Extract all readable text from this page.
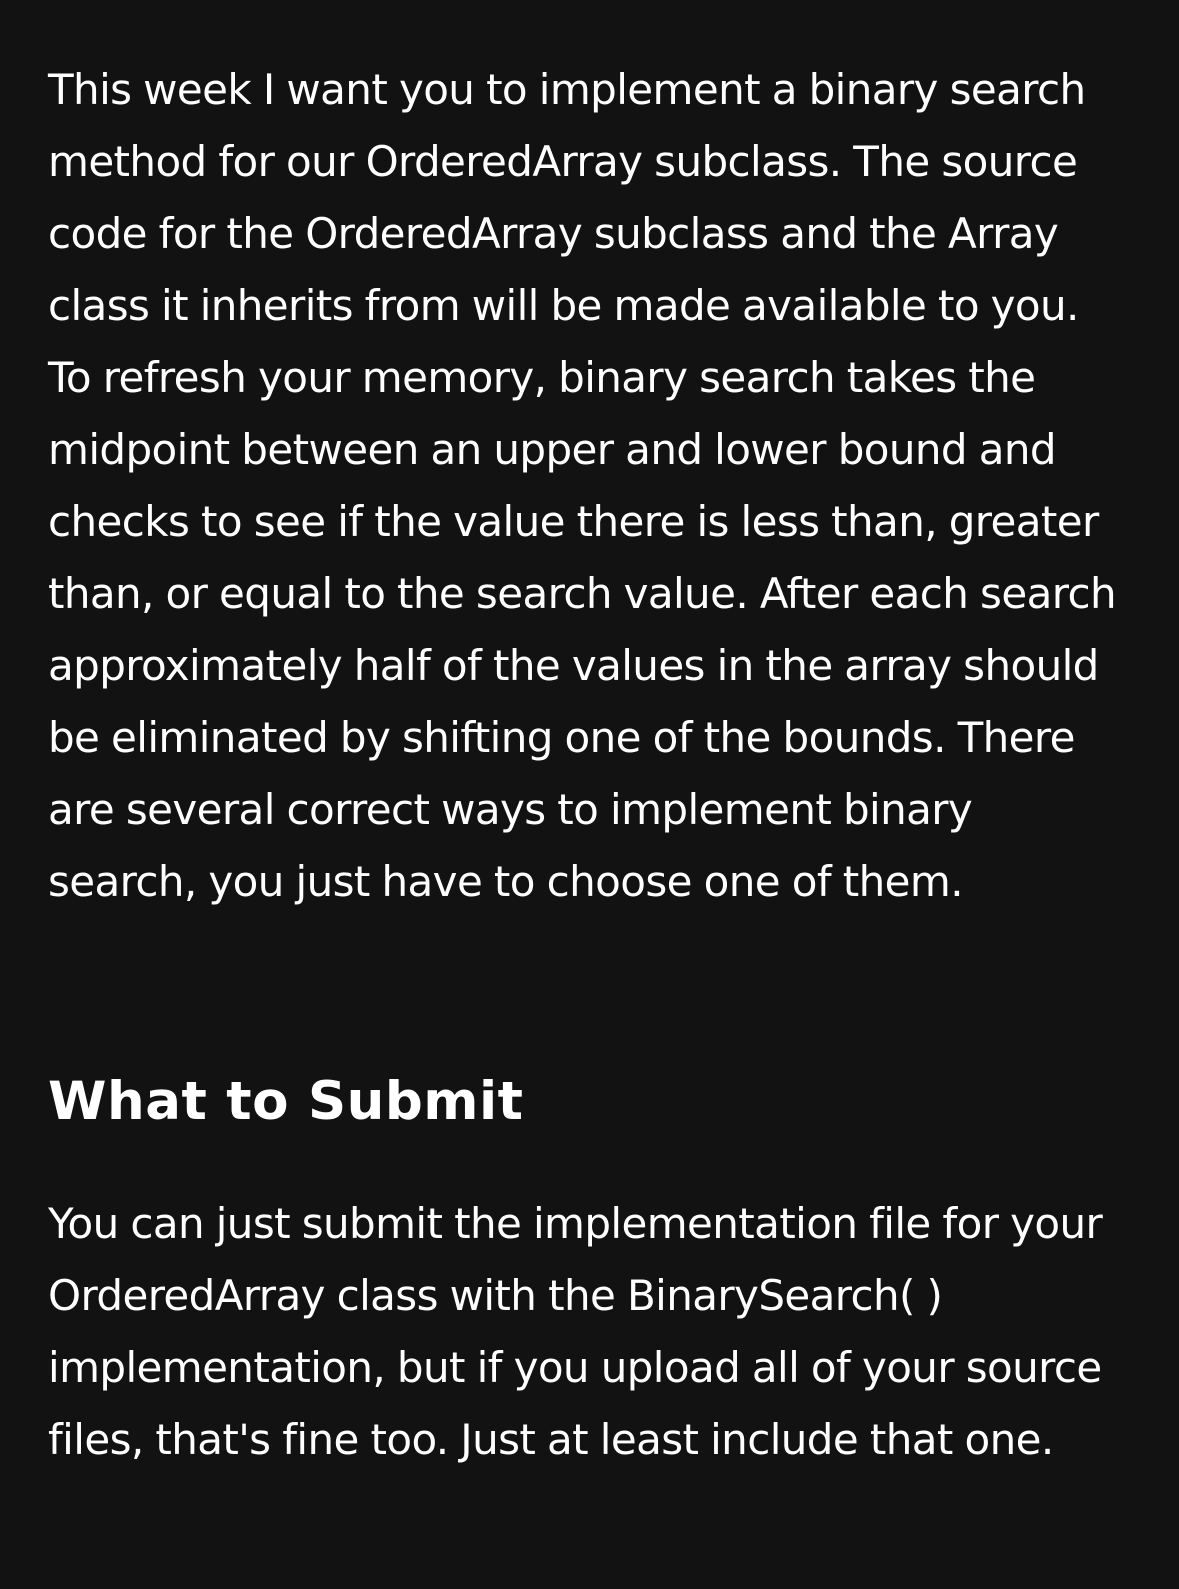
This week I want you to implement a binary search method for our OrderedArray subclass. The source code for the OrderedArray subclass and the Array class it inherits from will be made available to you. To refresh your memory, binary search takes the midpoint between an upper and lower bound and checks to see if the value there is less than, greater than, or equal to the search value. After each search approximately half of the values in the array should be eliminated by shifting one of the bounds. There are several correct ways to implement binary search, you just have to choose one of them.

What to Submit

You can just submit the implementation file for your OrderedArray class with the BinarySearch( ) implementation, but if you upload all of your source files, that's fine too. Just at least include that one.
